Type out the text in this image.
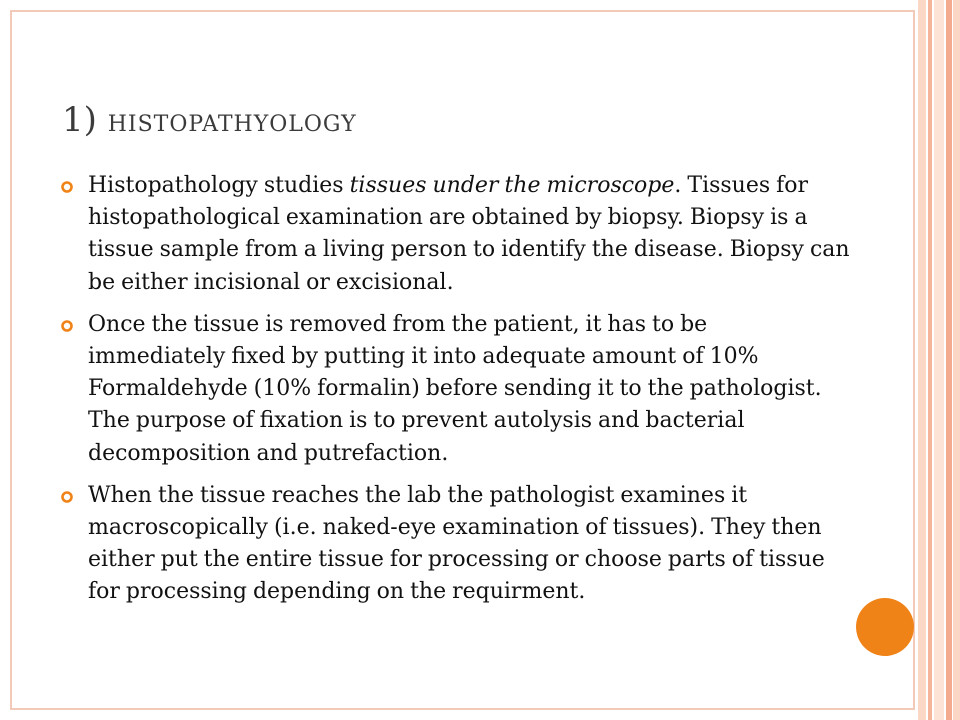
1) histopathyology
Histopathology studies tissues under the microscope. Tissues for histopathological examination are obtained by biopsy. Biopsy is a tissue sample from a living person to identify the disease. Biopsy can be either incisional or excisional.
Once the tissue is removed from the patient, it has to be immediately fixed by putting it into adequate amount of 10% Formaldehyde (10% formalin) before sending it to the pathologist. The purpose of fixation is to prevent autolysis and bacterial decomposition and putrefaction.
When the tissue reaches the lab the pathologist examines it macroscopically (i.e. naked-eye examination of tissues). They then either put the entire tissue for processing or choose parts of tissue for processing depending on the requirment.
